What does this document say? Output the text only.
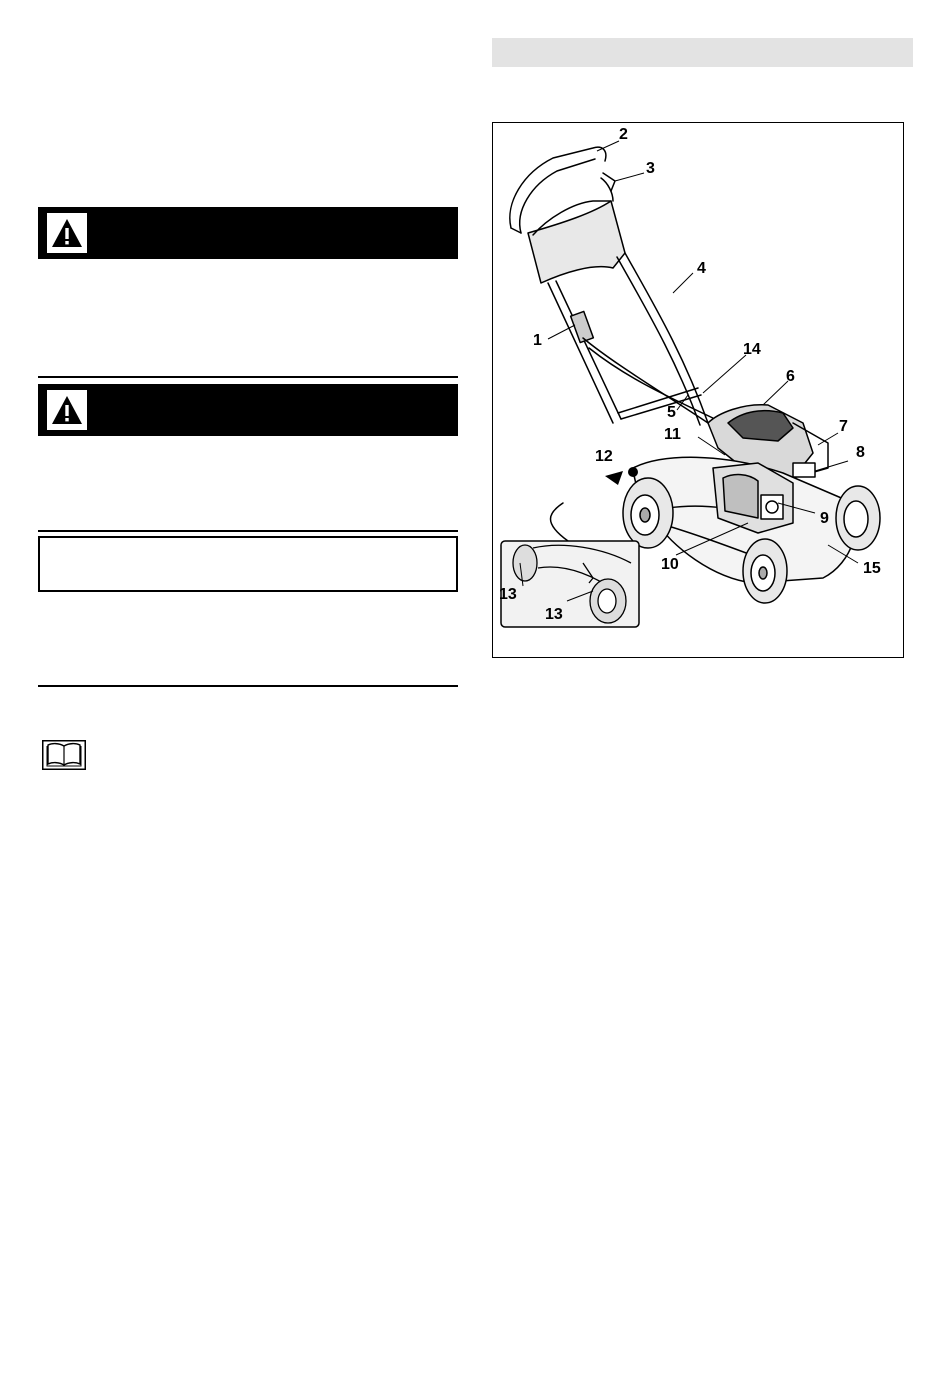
2
3
4
1
14
6
5
11	7
8
12
9
10	15
13
13
